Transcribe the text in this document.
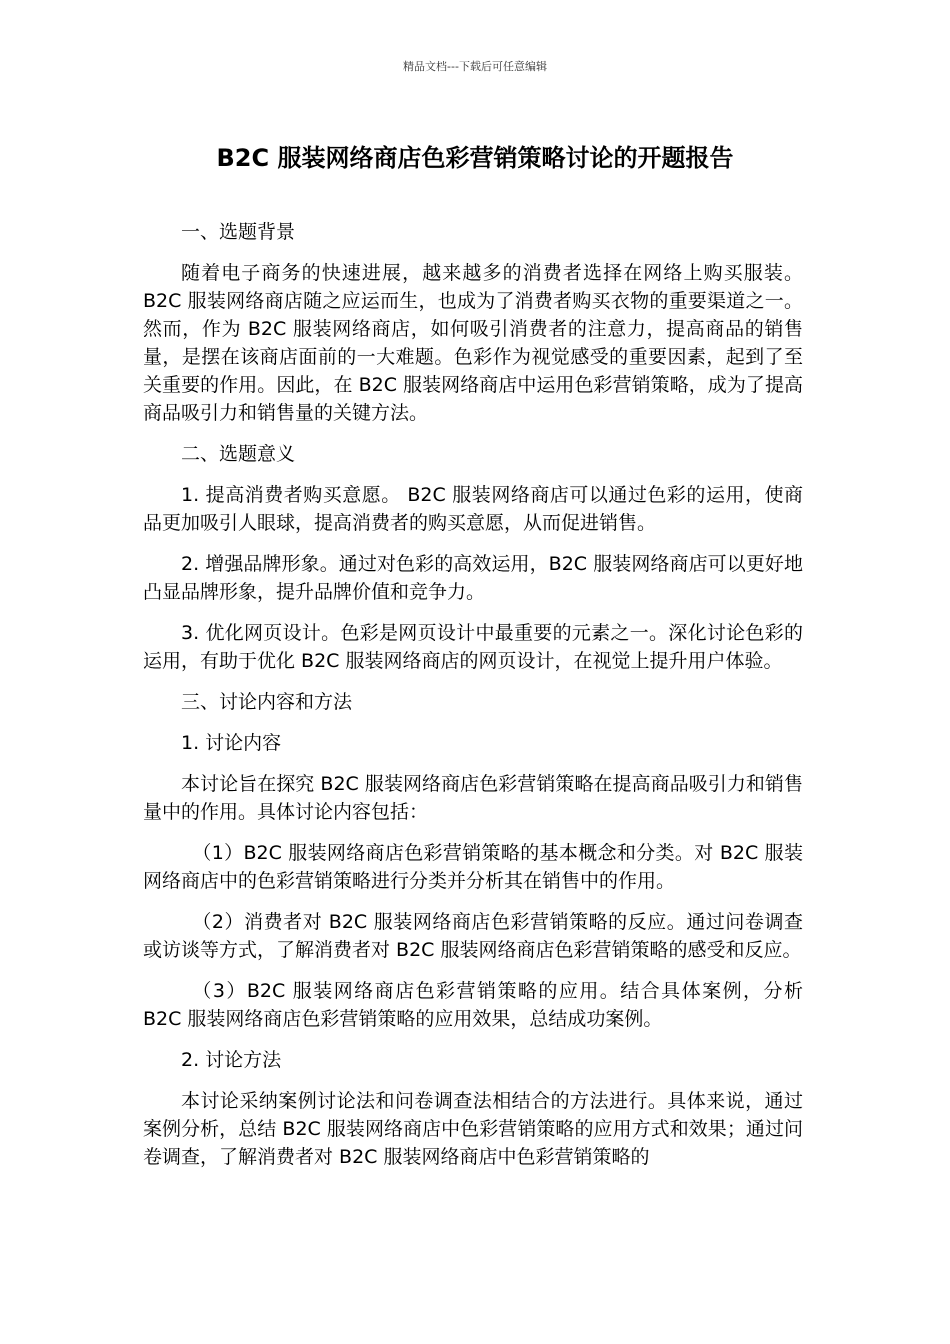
精品文档---下载后可任意编辑
B2C 服装网络商店色彩营销策略讨论的开题报告

一、选题背景

随着电子商务的快速进展，越来越多的消费者选择在网络上购买服装。B2C 服装网络商店随之应运而生，也成为了消费者购买衣物的重要渠道之一。然而，作为 B2C 服装网络商店，如何吸引消费者的注意力，提高商品的销售量，是摆在该商店面前的一大难题。色彩作为视觉感受的重要因素，起到了至关重要的作用。因此，在 B2C 服装网络商店中运用色彩营销策略，成为了提高商品吸引力和销售量的关键方法。

二、选题意义

1. 提高消费者购买意愿。 B2C 服装网络商店可以通过色彩的运用，使商品更加吸引人眼球，提高消费者的购买意愿，从而促进销售。

2. 增强品牌形象。通过对色彩的高效运用，B2C 服装网络商店可以更好地凸显品牌形象，提升品牌价值和竞争力。

3. 优化网页设计。色彩是网页设计中最重要的元素之一。深化讨论色彩的运用，有助于优化 B2C 服装网络商店的网页设计，在视觉上提升用户体验。

三、讨论内容和方法

1. 讨论内容

本讨论旨在探究 B2C 服装网络商店色彩营销策略在提高商品吸引力和销售量中的作用。具体讨论内容包括：

（1）B2C 服装网络商店色彩营销策略的基本概念和分类。对 B2C 服装网络商店中的色彩营销策略进行分类并分析其在销售中的作用。

（2）消费者对 B2C 服装网络商店色彩营销策略的反应。通过问卷调查或访谈等方式，了解消费者对 B2C 服装网络商店色彩营销策略的感受和反应。

（3）B2C 服装网络商店色彩营销策略的应用。结合具体案例，分析 B2C 服装网络商店色彩营销策略的应用效果，总结成功案例。

2. 讨论方法

本讨论采纳案例讨论法和问卷调查法相结合的方法进行。具体来说，通过案例分析，总结 B2C 服装网络商店中色彩营销策略的应用方式和效果；通过问卷调查，了解消费者对 B2C 服装网络商店中色彩营销策略的
